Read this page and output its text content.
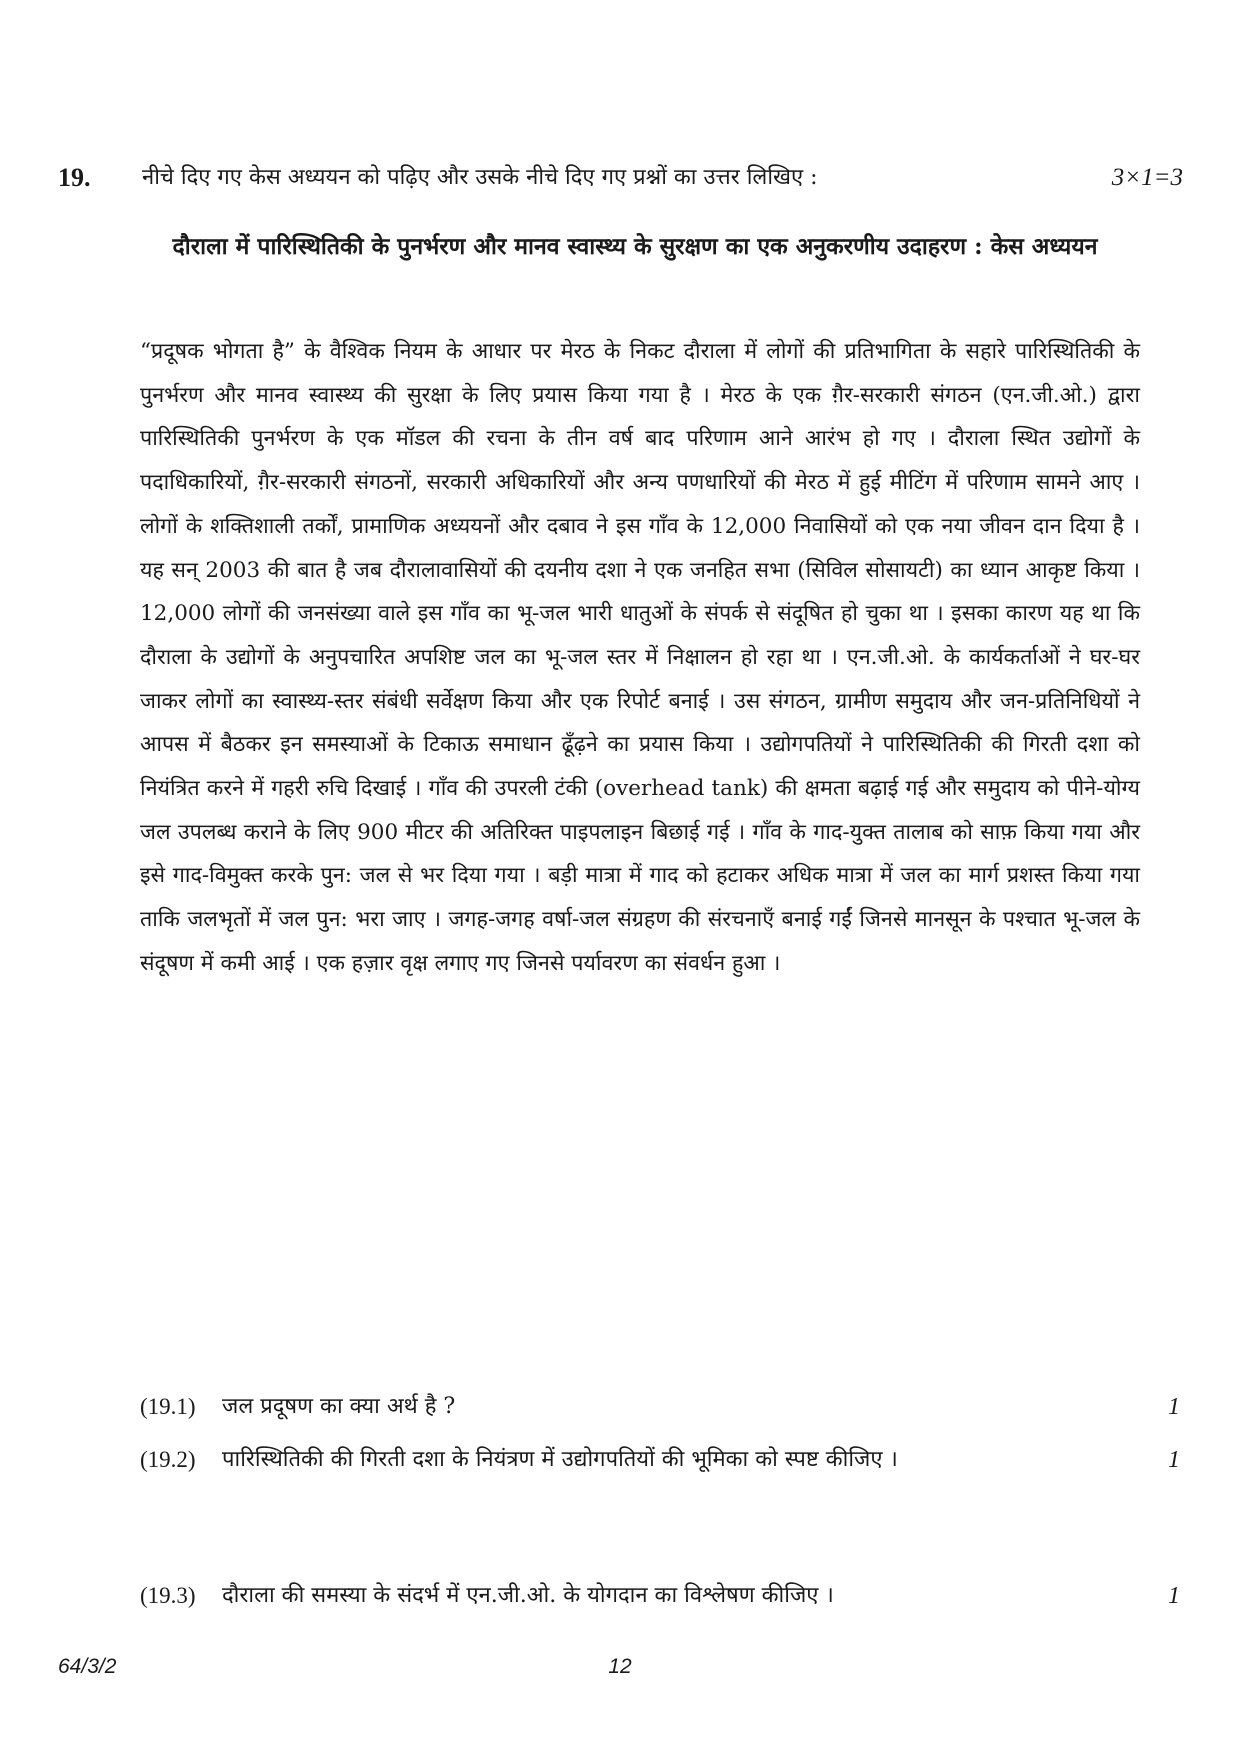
19. नीचे दिए गए केस अध्ययन को पढ़िए और उसके नीचे दिए गए प्रश्नों का उत्तर लिखिए :	3×1=3
दौराला में पारिस्थितिकी के पुनर्भरण और मानव स्वास्थ्य के सुरक्षण का एक अनुकरणीय उदाहरण : केस अध्ययन
“प्रदूषक भोगता है” के वैश्विक नियम के आधार पर मेरठ के निकट दौराला में लोगों की प्रतिभागिता के सहारे पारिस्थितिकी के पुनर्भरण और मानव स्वास्थ्य की सुरक्षा के लिए प्रयास किया गया है । मेरठ के एक ग़ैर-सरकारी संगठन (एन.जी.ओ.) द्वारा पारिस्थितिकी पुनर्भरण के एक मॉडल की रचना के तीन वर्ष बाद परिणाम आने आरंभ हो गए । दौराला स्थित उद्योगों के पदाधिकारियों, ग़ैर-सरकारी संगठनों, सरकारी अधिकारियों और अन्य पणधारियों की मेरठ में हुई मीटिंग में परिणाम सामने आए । लोगों के शक्तिशाली तर्कों, प्रामाणिक अध्ययनों और दबाव ने इस गाँव के 12,000 निवासियों को एक नया जीवन दान दिया है । यह सन् 2003 की बात है जब दौरालावासियों की दयनीय दशा ने एक जनहित सभा (सिविल सोसायटी) का ध्यान आकृष्ट किया । 12,000 लोगों की जनसंख्या वाले इस गाँव का भू-जल भारी धातुओं के संपर्क से संदूषित हो चुका था । इसका कारण यह था कि दौराला के उद्योगों के अनुपचारित अपशिष्ट जल का भू-जल स्तर में निक्षालन हो रहा था । एन.जी.ओ. के कार्यकर्ताओं ने घर-घर जाकर लोगों का स्वास्थ्य-स्तर संबंधी सर्वेक्षण किया और एक रिपोर्ट बनाई । उस संगठन, ग्रामीण समुदाय और जन-प्रतिनिधियों ने आपस में बैठकर इन समस्याओं के टिकाऊ समाधान ढूँढ़ने का प्रयास किया । उद्योगपतियों ने पारिस्थितिकी की गिरती दशा को नियंत्रित करने में गहरी रुचि दिखाई । गाँव की उपरली टंकी (overhead tank) की क्षमता बढ़ाई गई और समुदाय को पीने-योग्य जल उपलब्ध कराने के लिए 900 मीटर की अतिरिक्त पाइपलाइन बिछाई गई । गाँव के गाद-युक्त तालाब को साफ़ किया गया और इसे गाद-विमुक्त करके पुन: जल से भर दिया गया । बड़ी मात्रा में गाद को हटाकर अधिक मात्रा में जल का मार्ग प्रशस्त किया गया ताकि जलभृतों में जल पुन: भरा जाए । जगह-जगह वर्षा-जल संग्रहण की संरचनाएँ बनाई गईं जिनसे मानसून के पश्चात भू-जल के संदूषण में कमी आई । एक हज़ार वृक्ष लगाए गए जिनसे पर्यावरण का संवर्धन हुआ ।
(19.1) जल प्रदूषण का क्या अर्थ है ?	1
(19.2) पारिस्थितिकी की गिरती दशा के नियंत्रण में उद्योगपतियों की भूमिका को स्पष्ट कीजिए ।	1
(19.3) दौराला की समस्या के संदर्भ में एन.जी.ओ. के योगदान का विश्लेषण कीजिए ।	1
64/3/2	12
